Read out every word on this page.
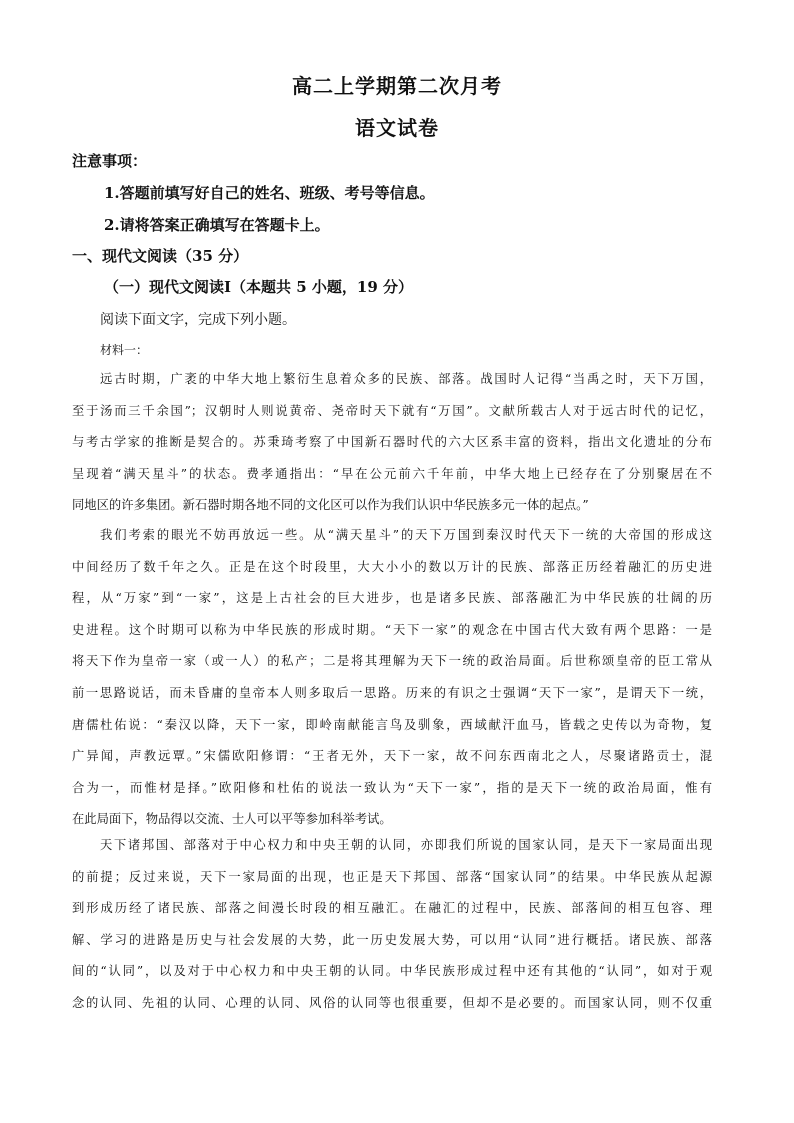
高二上学期第二次月考
语文试卷
注意事项：
1.答题前填写好自己的姓名、班级、考号等信息。
2.请将答案正确填写在答题卡上。
一、现代文阅读（35 分）
（一）现代文阅读Ⅰ（本题共 5 小题，19 分）
阅读下面文字，完成下列小题。
材料一：
远古时期，广袤的中华大地上繁衍生息着众多的民族、部落。战国时人记得“当禹之时，天下万国，
至于汤而三千余国”；汉朝时人则说黄帝、尧帝时天下就有“万国”。文献所载古人对于远古时代的记忆，
与考古学家的推断是契合的。苏秉琦考察了中国新石器时代的六大区系丰富的资料，指出文化遗址的分布
呈现着“满天星斗”的状态。费孝通指出：“早在公元前六千年前，中华大地上已经存在了分别聚居在不
同地区的许多集团。新石器时期各地不同的文化区可以作为我们认识中华民族多元一体的起点。”
我们考索的眼光不妨再放远一些。从“满天星斗”的天下万国到秦汉时代天下一统的大帝国的形成这
中间经历了数千年之久。正是在这个时段里，大大小小的数以万计的民族、部落正历经着融汇的历史进
程，从“万家”到“一家”，这是上古社会的巨大进步，也是诸多民族、部落融汇为中华民族的壮阔的历
史进程。这个时期可以称为中华民族的形成时期。“天下一家”的观念在中国古代大致有两个思路：一是
将天下作为皇帝一家（或一人）的私产；二是将其理解为天下一统的政治局面。后世称颂皇帝的臣工常从
前一思路说话，而未昏庸的皇帝本人则多取后一思路。历来的有识之士强调“天下一家”，是谓天下一统，
唐儒杜佑说：“秦汉以降，天下一家，即岭南献能言鸟及驯象，西域献汗血马，皆载之史传以为奇物，复
广异闻，声教远覃。”宋儒欧阳修谓：“王者无外，天下一家，故不问东西南北之人，尽聚诸路贡士，混
合为一，而惟材是择。”欧阳修和杜佑的说法一致认为“天下一家”，指的是天下一统的政治局面，惟有
在此局面下，物品得以交流、士人可以平等参加科举考试。
天下诸邦国、部落对于中心权力和中央王朝的认同，亦即我们所说的国家认同，是天下一家局面出现
的前提；反过来说，天下一家局面的出现，也正是天下邦国、部落“国家认同”的结果。中华民族从起源
到形成历经了诸民族、部落之间漫长时段的相互融汇。在融汇的过程中，民族、部落间的相互包容、理
解、学习的进路是历史与社会发展的大势，此一历史发展大势，可以用“认同”进行概括。诸民族、部落
间的“认同”，以及对于中心权力和中央王朝的认同。中华民族形成过程中还有其他的“认同”，如对于观
念的认同、先祖的认同、心理的认同、风俗的认同等也很重要，但却不是必要的。而国家认同，则不仅重
